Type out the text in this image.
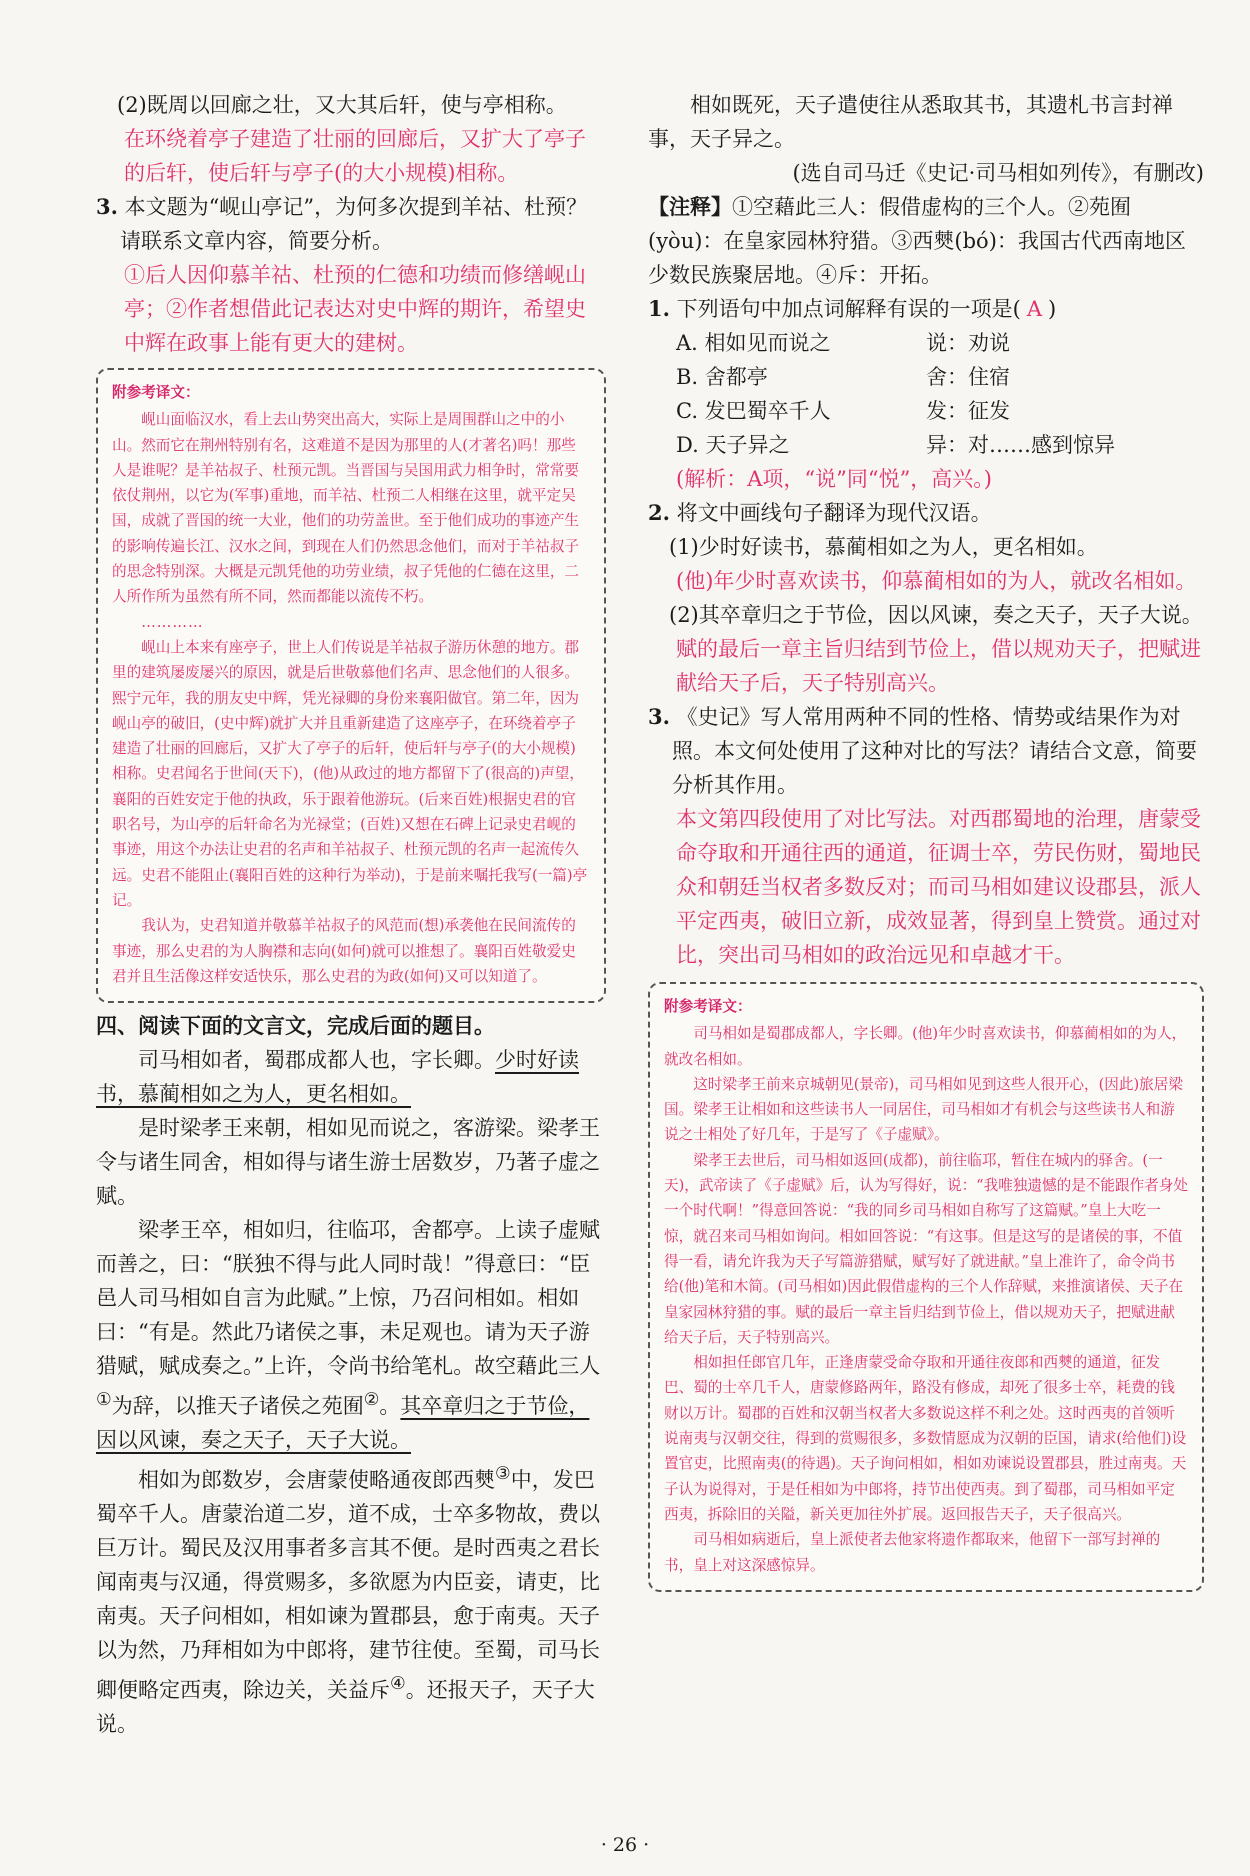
(2)既周以回廊之壮，又大其后轩，使与亭相称。

在环绕着亭子建造了壮丽的回廊后，又扩大了亭子的后轩，使后轩与亭子(的大小规模)相称。

3. 本文题为“岘山亭记”，为何多次提到羊祜、杜预？请联系文章内容，简要分析。

①后人因仰慕羊祜、杜预的仁德和功绩而修缮岘山亭；②作者想借此记表达对史中辉的期许，希望史中辉在政事上能有更大的建树。

附参考译文：

岘山面临汉水，看上去山势突出高大，实际上是周围群山之中的小山。然而它在荆州特别有名，这难道不是因为那里的人(才著名)吗！那些人是谁呢？是羊祜叔子、杜预元凯。当晋国与吴国用武力相争时，常常要依仗荆州，以它为(军事)重地，而羊祜、杜预二人相继在这里，就平定吴国，成就了晋国的统一大业，他们的功劳盖世。至于他们成功的事迹产生的影响传遍长江、汉水之间，到现在人们仍然思念他们，而对于羊祜叔子的思念特别深。大概是元凯凭他的功劳业绩，叔子凭他的仁德在这里，二人所作所为虽然有所不同，然而都能以流传不朽。

…………

岘山上本来有座亭子，世上人们传说是羊祜叔子游历休憩的地方。郡里的建筑屡废屡兴的原因，就是后世敬慕他们名声、思念他们的人很多。熙宁元年，我的朋友史中辉，凭光禄卿的身份来襄阳做官。第二年，因为岘山亭的破旧，(史中辉)就扩大并且重新建造了这座亭子，在环绕着亭子建造了壮丽的回廊后，又扩大了亭子的后轩，使后轩与亭子(的大小规模)相称。史君闻名于世间(天下)，(他)从政过的地方都留下了(很高的)声望，襄阳的百姓安定于他的执政，乐于跟着他游玩。(后来百姓)根据史君的官职名号，为山亭的后轩命名为光禄堂；(百姓)又想在石碑上记录史君岘的事迹，用这个办法让史君的名声和羊祜叔子、杜预元凯的名声一起流传久远。史君不能阻止(襄阳百姓的这种行为举动)，于是前来嘱托我写(一篇)亭记。

我认为，史君知道并敬慕羊祜叔子的风范而(想)承袭他在民间流传的事迹，那么史君的为人胸襟和志向(如何)就可以推想了。襄阳百姓敬爱史君并且生活像这样安适快乐，那么史君的为政(如何)又可以知道了。

四、阅读下面的文言文，完成后面的题目。

司马相如者，蜀郡成都人也，字长卿。少时好读书，慕蔺相如之为人，更名相如。

是时梁孝王来朝，相如见而说之，客游梁。梁孝王令与诸生同舍，相如得与诸生游士居数岁，乃著子虚之赋。

梁孝王卒，相如归，往临邛，舍都亭。上读子虚赋而善之，曰：“朕独不得与此人同时哉！”得意曰：“臣邑人司马相如自言为此赋。”上惊，乃召问相如。相如曰：“有是。然此乃诸侯之事，未足观也。请为天子游猎赋，赋成奏之。”上许，令尚书给笔札。故空藉此三人①为辞，以推天子诸侯之苑囿②。其卒章归之于节俭，因以风谏，奏之天子，天子大说。

相如为郎数岁，会唐蒙使略通夜郎西僰③中，发巴蜀卒千人。唐蒙治道二岁，道不成，士卒多物故，费以巨万计。蜀民及汉用事者多言其不便。是时西夷之君长闻南夷与汉通，得赏赐多，多欲愿为内臣妾，请吏，比南夷。天子问相如，相如谏为置郡县，愈于南夷。天子以为然，乃拜相如为中郎将，建节往使。至蜀，司马长卿便略定西夷，除边关，关益斥④。还报天子，天子大说。

相如既死，天子遣使往从悉取其书，其遗札书言封禅事，天子异之。

(选自司马迁《史记·司马相如列传》，有删改)

【注释】①空藉此三人：假借虚构的三个人。②苑囿(yòu)：在皇家园林狩猎。③西僰(bó)：我国古代西南地区少数民族聚居地。④斥：开拓。

1. 下列语句中加点词解释有误的一项是( A )

A. 相如见而说之	说：劝说
B. 舍都亭	舍：住宿
C. 发巴蜀卒千人	发：征发
D. 天子异之	异：对……感到惊异

(解析：A项，“说”同“悦”，高兴。)

2. 将文中画线句子翻译为现代汉语。

(1)少时好读书，慕蔺相如之为人，更名相如。

(他)年少时喜欢读书，仰慕蔺相如的为人，就改名相如。

(2)其卒章归之于节俭，因以风谏，奏之天子，天子大说。

赋的最后一章主旨归结到节俭上，借以规劝天子，把赋进献给天子后，天子特别高兴。

3. 《史记》写人常用两种不同的性格、情势或结果作为对照。本文何处使用了这种对比的写法？请结合文意，简要分析其作用。

本文第四段使用了对比写法。对西郡蜀地的治理，唐蒙受命夺取和开通往西的通道，征调士卒，劳民伤财，蜀地民众和朝廷当权者多数反对；而司马相如建议设郡县，派人平定西夷，破旧立新，成效显著，得到皇上赞赏。通过对比，突出司马相如的政治远见和卓越才干。

附参考译文：

司马相如是蜀郡成都人，字长卿。(他)年少时喜欢读书，仰慕蔺相如的为人，就改名相如。

这时梁孝王前来京城朝见(景帝)，司马相如见到这些人很开心，(因此)旅居梁国。梁孝王让相如和这些读书人一同居住，司马相如才有机会与这些读书人和游说之士相处了好几年，于是写了《子虚赋》。

梁孝王去世后，司马相如返回(成都)，前往临邛，暂住在城内的驿舍。(一天)，武帝读了《子虚赋》后，认为写得好，说：“我唯独遗憾的是不能跟作者身处一个时代啊！”得意回答说：“我的同乡司马相如自称写了这篇赋。”皇上大吃一惊，就召来司马相如询问。相如回答说：“有这事。但是这写的是诸侯的事，不值得一看，请允许我为天子写篇游猎赋，赋写好了就进献。”皇上准许了，命令尚书给(他)笔和木简。(司马相如)因此假借虚构的三个人作辞赋，来推演诸侯、天子在皇家园林狩猎的事。赋的最后一章主旨归结到节俭上，借以规劝天子，把赋进献给天子后，天子特别高兴。

相如担任郎官几年，正逢唐蒙受命夺取和开通往夜郎和西僰的通道，征发巴、蜀的士卒几千人，唐蒙修路两年，路没有修成，却死了很多士卒，耗费的钱财以万计。蜀郡的百姓和汉朝当权者大多数说这样不利之处。这时西夷的首领听说南夷与汉朝交往，得到的赏赐很多，多数情愿成为汉朝的臣国，请求(给他们)设置官吏，比照南夷(的待遇)。天子询问相如，相如劝谏说设置郡县，胜过南夷。天子认为说得对，于是任相如为中郎将，持节出使西夷。到了蜀郡，司马相如平定西夷，拆除旧的关隘，新关更加往外扩展。返回报告天子，天子很高兴。

司马相如病逝后，皇上派使者去他家将遗作都取来，他留下一部写封禅的书，皇上对这深感惊异。

· 26 ·
